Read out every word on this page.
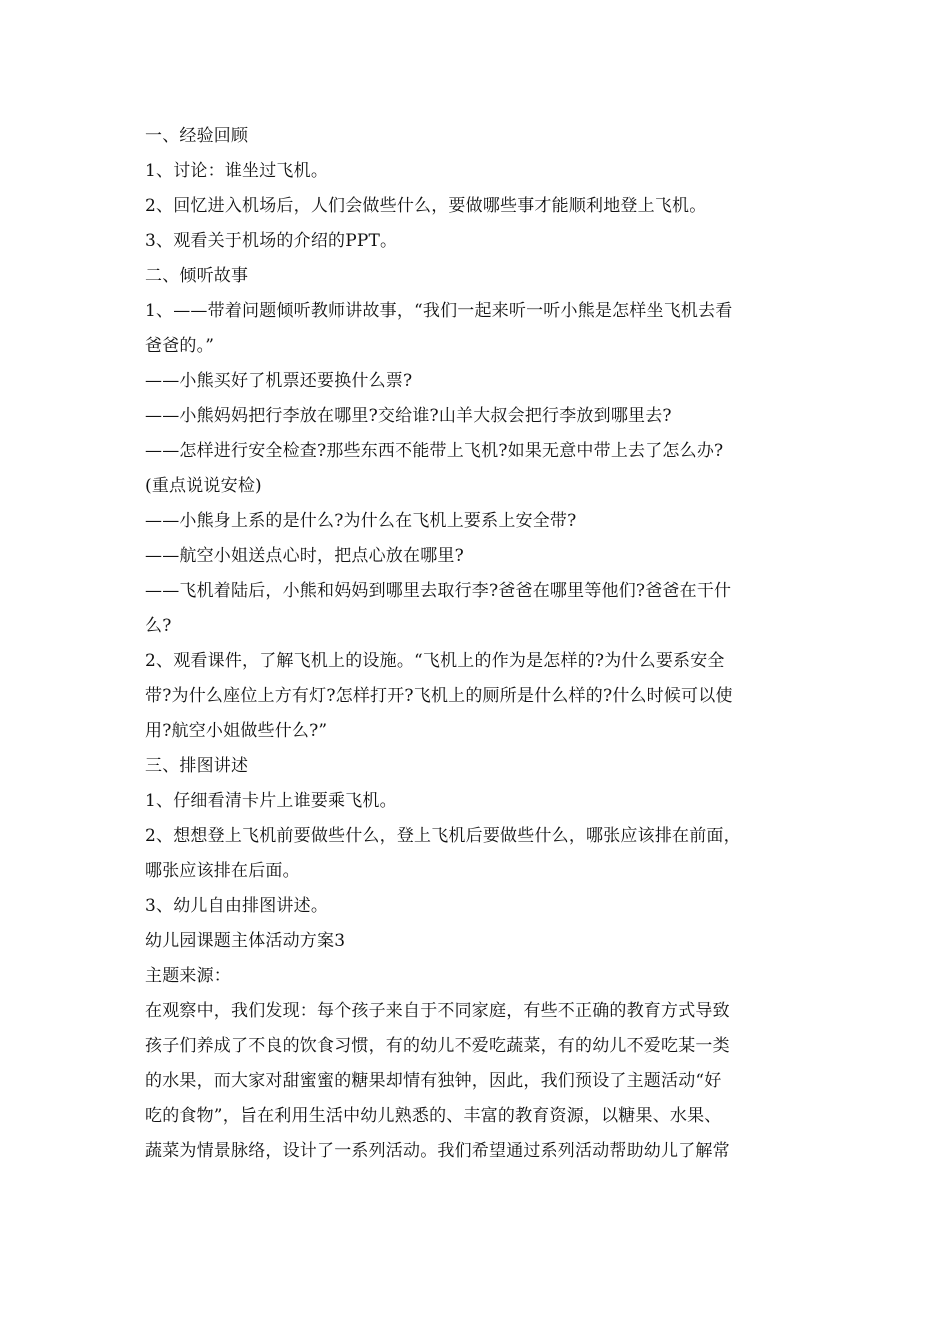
一、经验回顾

1、讨论：谁坐过飞机。

2、回忆进入机场后，人们会做些什么，要做哪些事才能顺利地登上飞机。

3、观看关于机场的介绍的PPT。

二、倾听故事

1、——带着问题倾听教师讲故事，“我们一起来听一听小熊是怎样坐飞机去看

爸爸的。”

——小熊买好了机票还要换什么票?

——小熊妈妈把行李放在哪里?交给谁?山羊大叔会把行李放到哪里去?

——怎样进行安全检查?那些东西不能带上飞机?如果无意中带上去了怎么办?

(重点说说安检)

——小熊身上系的是什么?为什么在飞机上要系上安全带?

——航空小姐送点心时，把点心放在哪里?

——飞机着陆后，小熊和妈妈到哪里去取行李?爸爸在哪里等他们?爸爸在干什

么?

2、观看课件，了解飞机上的设施。“飞机上的作为是怎样的?为什么要系安全

带?为什么座位上方有灯?怎样打开?飞机上的厕所是什么样的?什么时候可以使

用?航空小姐做些什么?”

三、排图讲述

1、仔细看清卡片上谁要乘飞机。

2、想想登上飞机前要做些什么，登上飞机后要做些什么，哪张应该排在前面，

哪张应该排在后面。

3、幼儿自由排图讲述。

幼儿园课题主体活动方案3

主题来源：

在观察中，我们发现：每个孩子来自于不同家庭，有些不正确的教育方式导致

孩子们养成了不良的饮食习惯，有的幼儿不爱吃蔬菜，有的幼儿不爱吃某一类

的水果，而大家对甜蜜蜜的糖果却情有独钟，因此，我们预设了主题活动“好

吃的食物”，旨在利用生活中幼儿熟悉的、丰富的教育资源，以糖果、水果、

蔬菜为情景脉络，设计了一系列活动。我们希望通过系列活动帮助幼儿了解常
